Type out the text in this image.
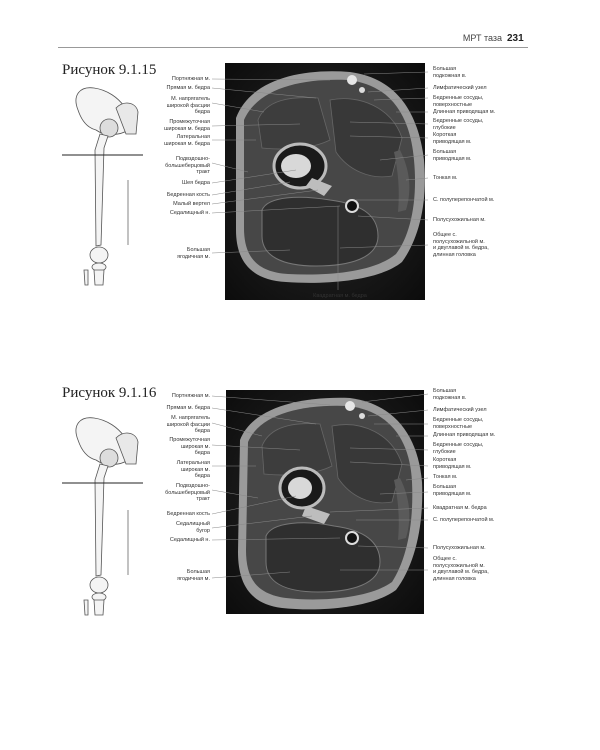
МРТ таза 231
Рисунок 9.1.15
Портняжная м.
Прямая м. бедра
М. напрягатель
широкой фасции
бедра
Промежуточная
широкая м. бедра
Латеральная
широкая м. бедра
Подвздошно-
большеберцовый
тракт
Шея бедра
Бедренная кость
Малый вертел
Седалищный н.
Большая
ягодичная м.
Большая
подкожная в.
Лимфатический узел
Бедренные сосуды,
поверхностные
Длинная приводящая м.
Бедренные сосуды,
глубокие
Короткая
приводящая м.
Большая
приводящая м.
Тонкая м.
С. полуперепончатой м.
Полусухожильная м.
Общее с.
полусухожильной м.
и двуглавой м. бедра,
длинная головка
Квадратная м. бедра
Рисунок 9.1.16	Портняжная м.
Прямая м. бедра
М. напрягатель
широкой фасции
бедра
Промежуточная
широкая м.
бедра
Латеральная
широкая м.
бедра
Подвздошно-
большеберцовый
тракт
Бедренная кость
Седалищный
бугор
Седалищный н.
Большая
ягодичная м.
Большая
подкожная в.
Лимфатический узел
Бедренные сосуды,
поверхностные
Длинная приводящая м.
Бедренные сосуды,
глубокие
Короткая
приводящая м.
Тонкая м.
Большая
приводящая м.
Квадратная м. бедра
С. полуперепончатой м.
Полусухожильная м.
Общее с.
полусухожильной м.
и двуглавой м. бедра,
длинная головка
